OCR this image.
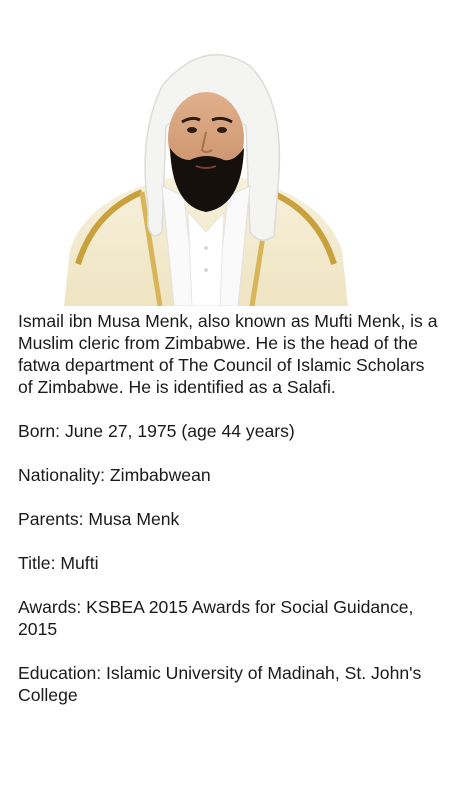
Ismail ibn Musa Menk, also known as Mufti Menk, is a Muslim cleric from Zimbabwe. He is the head of the fatwa department of The Council of Islamic Scholars of Zimbabwe. He is identified as a Salafi.

Born: June 27, 1975 (age 44 years)

Nationality: Zimbabwean

Parents: Musa Menk

Title: Mufti

Awards: KSBEA 2015 Awards for Social Guidance, 2015

Education: Islamic University of Madinah, St. John's College
